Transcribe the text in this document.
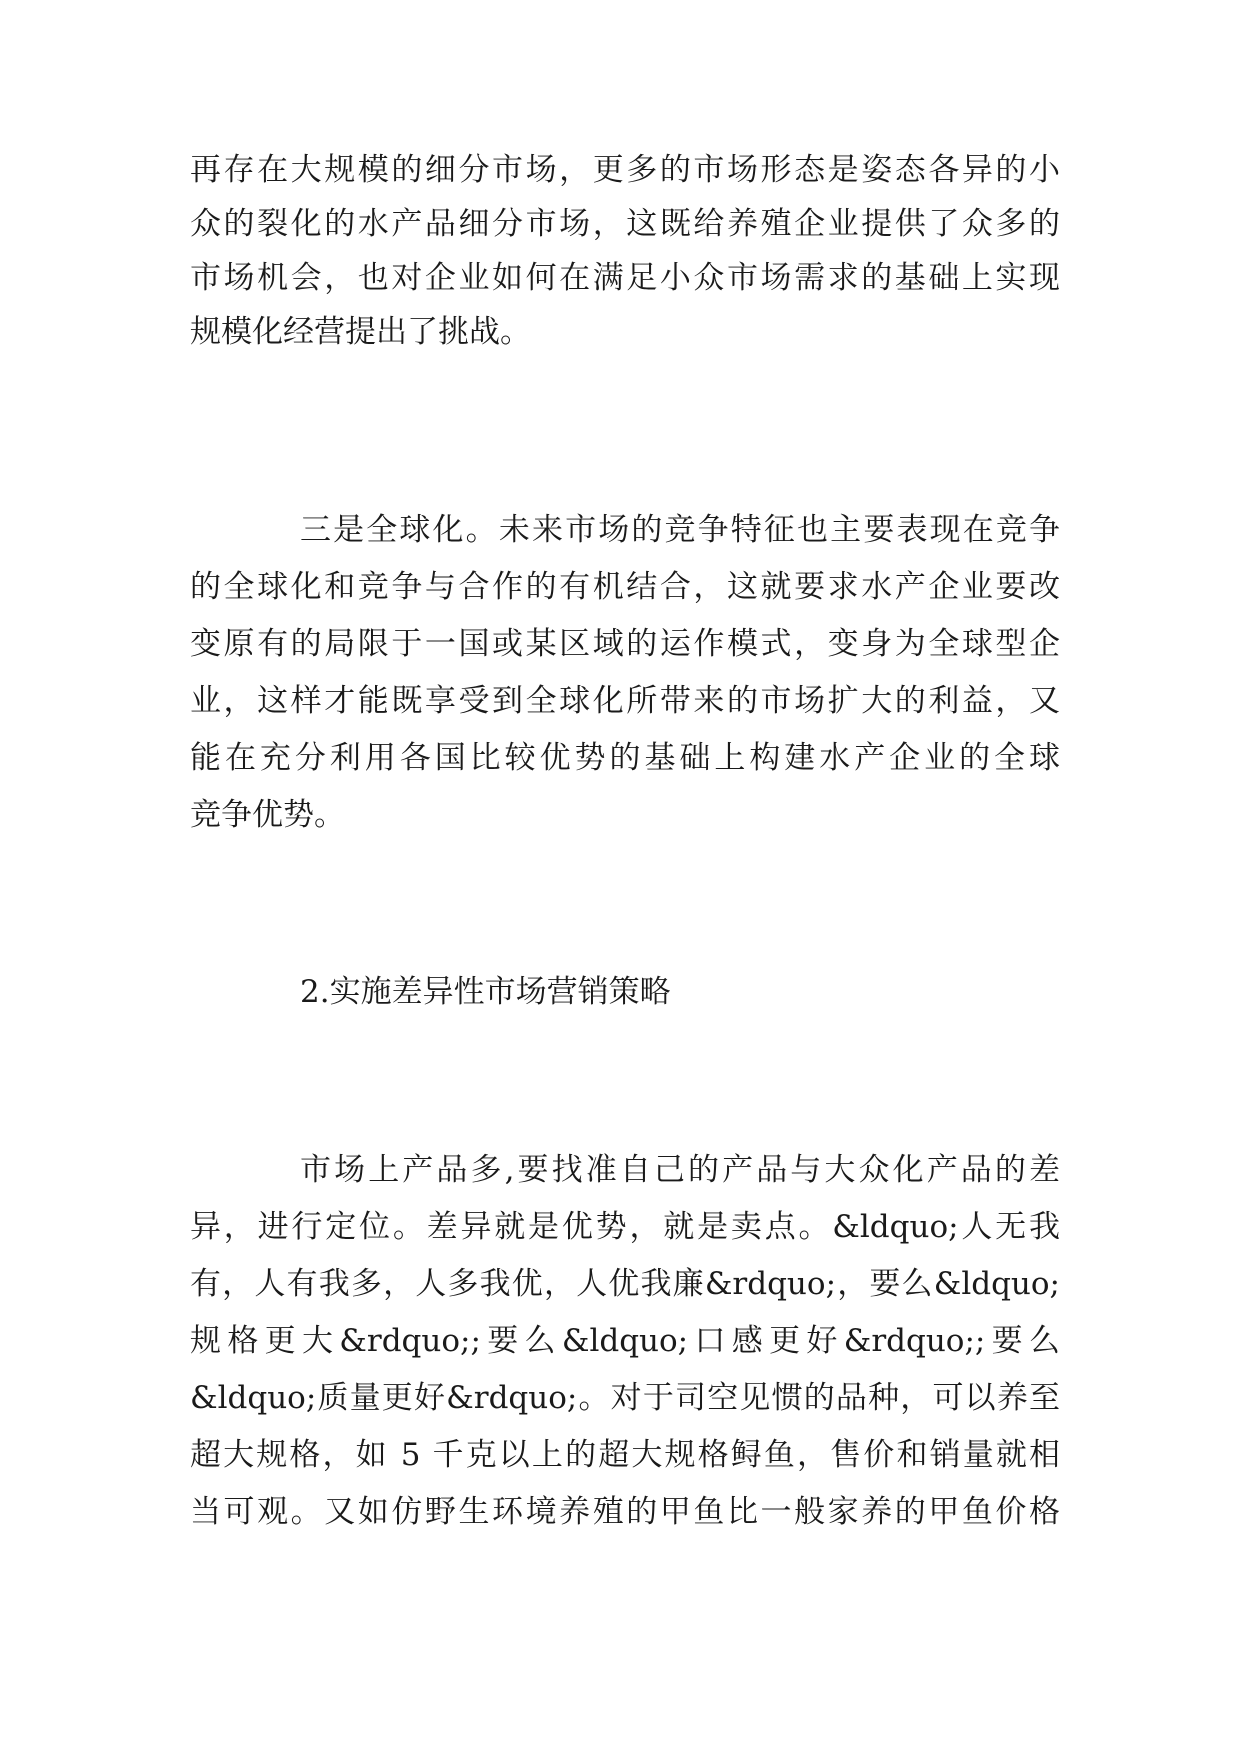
再存在大规模的细分市场，更多的市场形态是姿态各异的小
众的裂化的水产品细分市场，这既给养殖企业提供了众多的
市场机会，也对企业如何在满足小众市场需求的基础上实现
规模化经营提出了挑战。
三是全球化。未来市场的竞争特征也主要表现在竞争
的全球化和竞争与合作的有机结合，这就要求水产企业要改
变原有的局限于一国或某区域的运作模式，变身为全球型企
业，这样才能既享受到全球化所带来的市场扩大的利益，又
能在充分利用各国比较优势的基础上构建水产企业的全球
竞争优势。
2.实施差异性市场营销策略
市场上产品多,要找准自己的产品与大众化产品的差
异，进行定位。差异就是优势，就是卖点。&ldquo;人无我
有，人有我多，人多我优，人优我廉&rdquo;，要么&ldquo;
规格更大&rdquo;;要么&ldquo;口感更好&rdquo;;要么
&ldquo;质量更好&rdquo;。对于司空见惯的品种，可以养至
超大规格，如 5 千克以上的超大规格鲟鱼，售价和销量就相
当可观。又如仿野生环境养殖的甲鱼比一般家养的甲鱼价格
